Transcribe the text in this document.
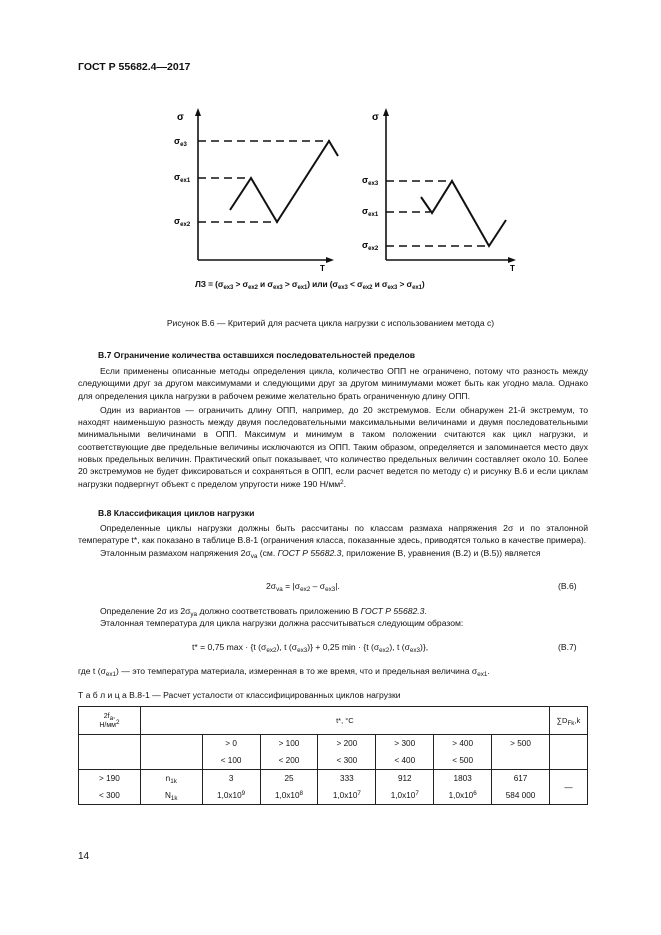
ГОСТ Р 55682.4—2017
σ
T
$\sigma_{e3}$
$\sigma_{ex1}$
$\sigma_{ex2}$
σ
T
$\sigma_{ex3}$
$\sigma_{ex1}$
$\sigma_{ex2}$
ЛЗ = ($\sigma_{ex3} > \sigma_{ex2}$ и $\sigma_{ex3} > \sigma_{ex1}$) или ($\sigma_{ex3} < \sigma_{ex2}$ и $\sigma_{ex3} > \sigma_{ex1}$)
Рисунок В.6 — Критерий для расчета цикла нагрузки с использованием метода с)
В.7 Ограничение количества оставшихся последовательностей пределов

Если применены описанные методы определения цикла, количество ОПП не ограничено, потому что разность между следующими друг за другом максимумами и следующими друг за другом минимумами может быть как угодно мала. Однако для определения цикла нагрузки в рабочем режиме желательно брать ограниченную длину ОПП.

Один из вариантов — ограничить длину ОПП, например, до 20 экстремумов. Если обнаружен 21-й экстремум, то находят наименьшую разность между двумя последовательными максимальными величинами и двумя последовательными минимальными величинами в ОПП. Максимум и минимум в таком положении считаются как цикл нагрузки, и соответствующие две предельные величины исключаются из ОПП. Таким образом, определяется и запоминается место двух новых предельных величин. Практический опыт показывает, что количество предельных величин составляет около 10. Более 20 экстремумов не будет фиксироваться и сохраняться в ОПП, если расчет ведется по методу с) и рисунку В.6 и если циклам нагрузки подвергнут объект с пределом упругости ниже 190 $Н/мм^2$.

В.8 Классификация циклов нагрузки

Определенные циклы нагрузки должны быть рассчитаны по классам размаха напряжения 2σ и по эталонной температуре t*, как показано в таблице В.8-1 (ограничения класса, показанные здесь, приводятся только в качестве примера).

Эталонным размахом напряжения $2\sigma_{va}$ (см. ГОСТ Р 55682.3, приложение В, уравнения (В.2) и (В.5)) является

$2\sigma_{va} = |\sigma_{ex2} - \sigma_{ex3}|$.	(В.6)

Определение 2σ из $2\sigma_{ya}$ должно соответствовать приложению В ГОСТ Р 55682.3.

Эталонная температура для цикла нагрузки должна рассчитываться следующим образом:

t* = 0,75 max · {t $(\sigma_{ex2})$, t $(\sigma_{ex3})\} + 0,25$ min · {t $(\sigma_{ex2})$, t $(\sigma_{ex3})$},	(В.7)
где t $(\sigma_{ex1})$ — это температура материала, измеренная в то же время, что и предельная величина $\sigma_{ex1}$.
Т а б л и ц а В.8-1 — Расчет усталости от классифицированных циклов нагрузки
$2f_a$,
$Н/мм^2$	t*, °С							$\sum D_{Fk},k$
		> 0	> 100	> 200	> 300	> 400	> 500	
		< 100	< 200	< 300	< 400	< 500		
> 190	$n_{1k}$	3	25	333	912	1803	617	—
< 300	$N_{1k}$	$1,0x10^9$	$1,0x10^8$	$1,0x10^7$	$1,0x10^7$	$1,0x10^6$	584 000	
14
